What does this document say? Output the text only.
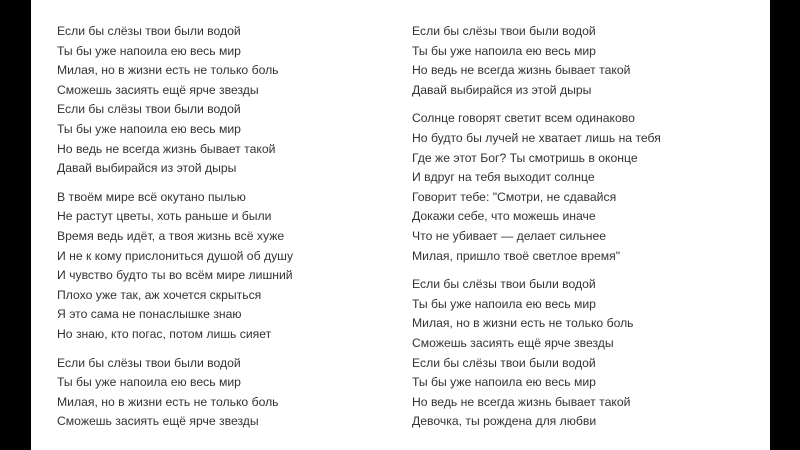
Если бы слёзы твои были водой
Ты бы уже напоила ею весь мир
Милая, но в жизни есть не только боль
Сможешь засиять ещё ярче звезды
Если бы слёзы твои были водой
Ты бы уже напоила ею весь мир
Но ведь не всегда жизнь бывает такой
Давай выбирайся из этой дыры
В твоём мире всё окутано пылью
Не растут цветы, хоть раньше и были
Время ведь идёт, а твоя жизнь всё хуже
И не к кому прислониться душой об душу
И чувство будто ты во всём мире лишний
Плохо уже так, аж хочется скрыться
Я это сама не понаслышке знаю
Но знаю, кто погас, потом лишь сияет
Если бы слёзы твои были водой
Ты бы уже напоила ею весь мир
Милая, но в жизни есть не только боль
Сможешь засиять ещё ярче звезды
Если бы слёзы твои были водой
Ты бы уже напоила ею весь мир
Но ведь не всегда жизнь бывает такой
Давай выбирайся из этой дыры
Солнце говорят светит всем одинаково
Но будто бы лучей не хватает лишь на тебя
Где же этот Бог? Ты смотришь в оконце
И вдруг на тебя выходит солнце
Говорит тебе: "Смотри, не сдавайся
Докажи себе, что можешь иначе
Что не убивает — делает сильнее
Милая, пришло твоё светлое время"
Если бы слёзы твои были водой
Ты бы уже напоила ею весь мир
Милая, но в жизни есть не только боль
Сможешь засиять ещё ярче звезды
Если бы слёзы твои были водой
Ты бы уже напоила ею весь мир
Но ведь не всегда жизнь бывает такой
Девочка, ты рождена для любви
